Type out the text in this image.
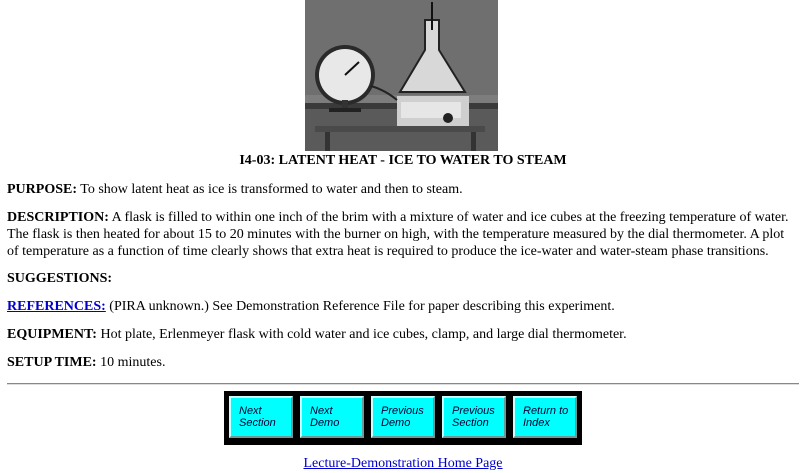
I4-03: LATENT HEAT - ICE TO WATER TO STEAM
PURPOSE: To show latent heat as ice is transformed to water and then to steam.
DESCRIPTION: A flask is filled to within one inch of the brim with a mixture of water and ice cubes at the freezing temperature of water. The flask is then heated for about 15 to 20 minutes with the burner on high, with the temperature measured by the dial thermometer. A plot of temperature as a function of time clearly shows that extra heat is required to produce the ice-water and water-steam phase transitions.
SUGGESTIONS:
REFERENCES: (PIRA unknown.) See Demonstration Reference File for paper describing this experiment.
EQUIPMENT: Hot plate, Erlenmeyer flask with cold water and ice cubes, clamp, and large dial thermometer.
SETUP TIME: 10 minutes.
Next
Section
Next
Demo
Previous
Demo
Previous
Section
Return to
Index
Lecture-Demonstration Home Page
